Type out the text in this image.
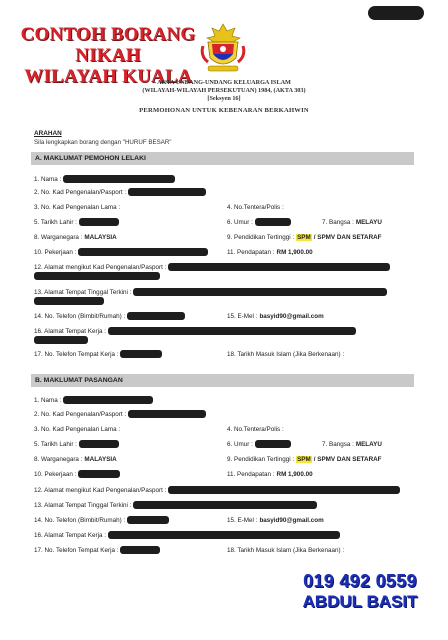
CONTOH BORANG NIKAH
WILAYAH KUALA
AKTA UNDANG-UNDANG KELUARGA ISLAM
(WILAYAH-WILAYAH PERSEKUTUAN) 1984, (AKTA 303)
[Seksyen 16]
PERMOHONAN UNTUK KEBENARAN BERKAHWIN
ARAHAN
Sila lengkapkan borang dengan "HURUF BESAR"
A. MAKLUMAT PEMOHON LELAKI
1. Nama :
2. No. Kad Pengenalan/Pasport :
3. No. Kad Pengenalan Lama :	4. No.Tentera/Polis :
5. Tarikh Lahir :	6. Umur :	7. Bangsa : MELAYU
8. Warganegara : MALAYSIA	9. Pendidikan Tertinggi : SPM / SPMV DAN SETARAF
10. Pekerjaan :	11. Pendapatan : RM 1,900.00
12. Alamat mengikut Kad Pengenalan/Pasport :
13. Alamat Tempat Tinggal Terkini :
14. No. Telefon (Bimbit/Rumah) :	15. E-Mel : basyid90@gmail.com
16. Alamat Tempat Kerja :
17. No. Telefon Tempat Kerja :	18. Tarikh Masuk Islam (Jika Berkenaan) :
B. MAKLUMAT PASANGAN
1. Nama :
2. No. Kad Pengenalan/Pasport :
3. No. Kad Pengenalan Lama :	4. No.Tentera/Polis :
5. Tarikh Lahir :	6. Umur :	7. Bangsa : MELAYU
8. Warganegara : MALAYSIA	9. Pendidikan Tertinggi : SPM / SPMV DAN SETARAF
10. Pekerjaan :	11. Pendapatan : RM 1,900.00
12. Alamat mengikut Kad Pengenalan/Pasport :
13. Alamat Tempat Tinggal Terkini :
14. No. Telefon (Bimbit/Rumah) :	15. E-Mel : basyid90@gmail.com
16. Alamat Tempat Kerja :
17. No. Telefon Tempat Kerja :	18. Tarikh Masuk Islam (Jika Berkenaan) :
019 492 0559
ABDUL BASIT
